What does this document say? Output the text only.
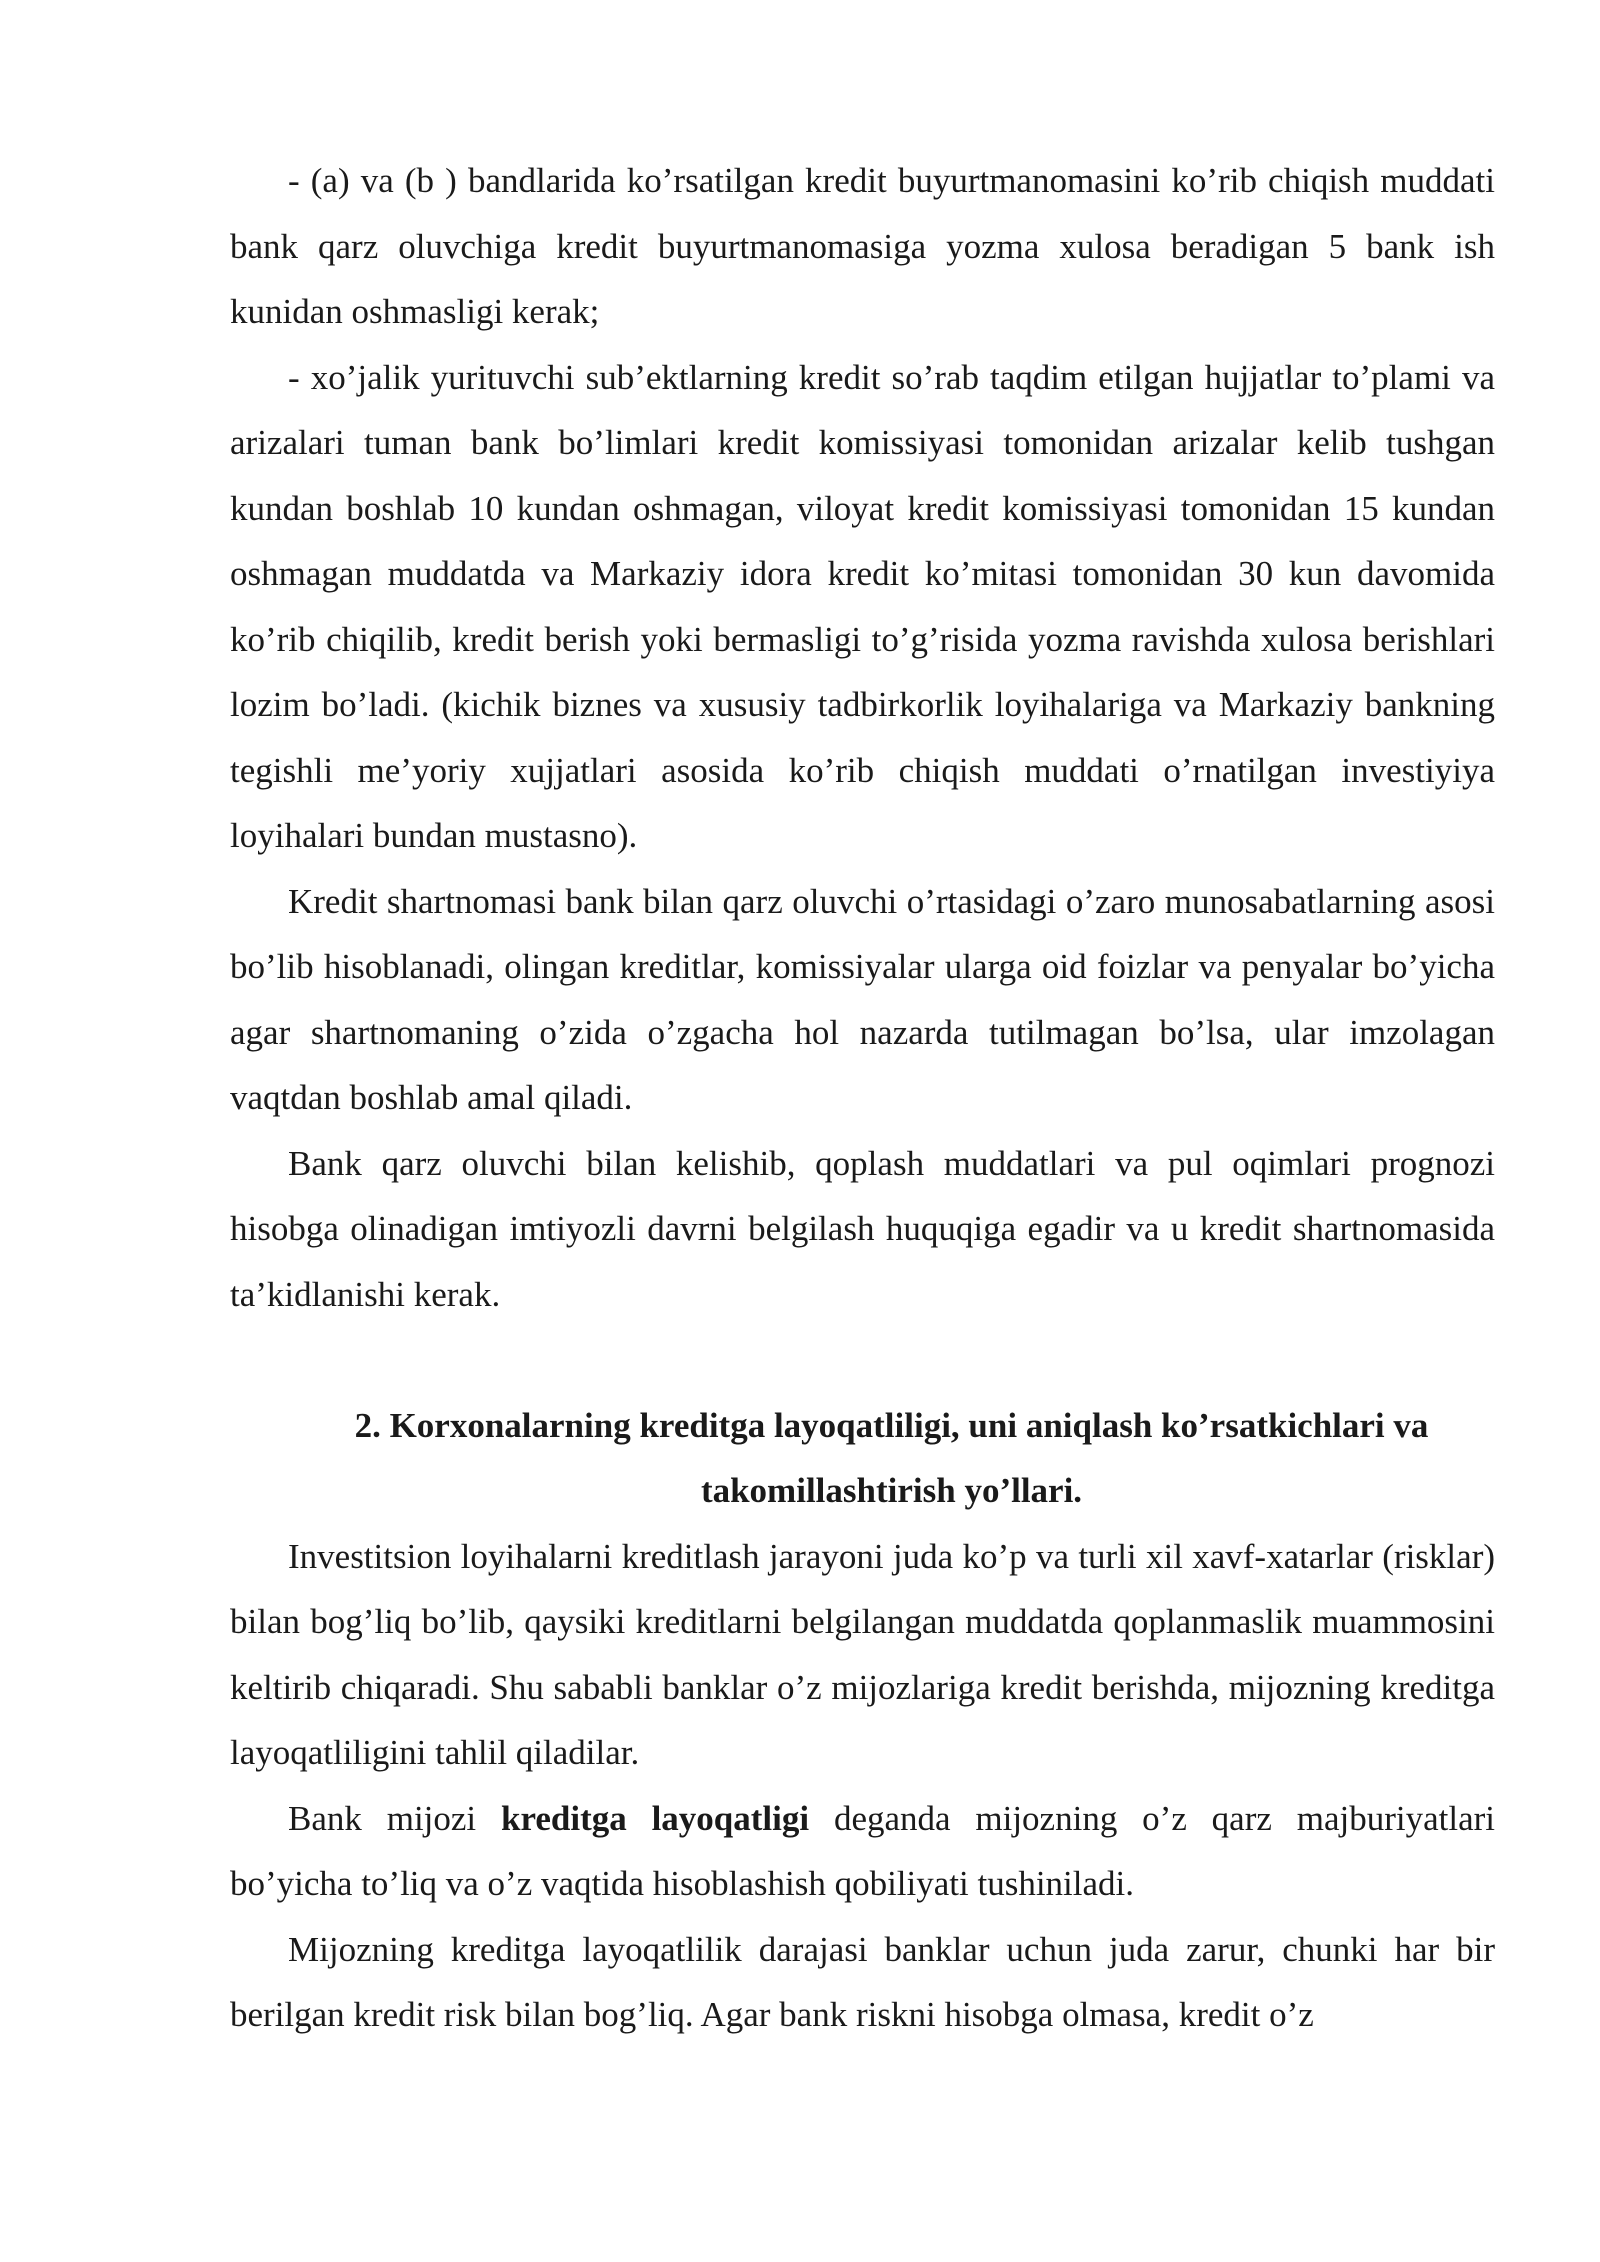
- (a) va (b ) bandlarida ko’rsatilgan kredit buyurtmanomasini ko’rib chiqish muddati bank qarz oluvchiga kredit buyurtmanomasiga yozma xulosa beradigan 5 bank ish kunidan oshmasligi kerak;

- xo’jalik yurituvchi sub’ektlarning kredit so’rab taqdim etilgan hujjatlar to’plami va arizalari tuman bank bo’limlari kredit komissiyasi tomonidan arizalar kelib tushgan kundan boshlab 10 kundan oshmagan, viloyat kredit komissiyasi tomonidan 15 kundan oshmagan muddatda va Markaziy idora kredit ko’mitasi tomonidan 30 kun davomida ko’rib chiqilib, kredit berish yoki bermasligi to’g’risida yozma ravishda xulosa berishlari lozim bo’ladi. (kichik biznes va xususiy tadbirkorlik loyihalariga va Markaziy bankning tegishli me’yoriy xujjatlari asosida ko’rib chiqish muddati o’rnatilgan investiyiya loyihalari bundan mustasno).

Kredit shartnomasi bank bilan qarz oluvchi o’rtasidagi o’zaro munosabatlarning asosi bo’lib hisoblanadi, olingan kreditlar, komissiyalar ularga oid foizlar va penyalar bo’yicha agar shartnomaning o’zida o’zgacha hol nazarda tutilmagan bo’lsa, ular imzolagan vaqtdan boshlab amal qiladi.

Bank qarz oluvchi bilan kelishib, qoplash muddatlari va pul oqimlari prognozi hisobga olinadigan imtiyozli davrni belgilash huquqiga egadir va u kredit shartnomasida ta’kidlanishi kerak.

2. Korxonalarning kreditga layoqatliligi, uni aniqlash ko’rsatkichlari va

takomillashtirish yo’llari.

Investitsion loyihalarni kreditlash jarayoni juda ko’p va turli xil xavf-xatarlar (risklar) bilan bog’liq bo’lib, qaysiki kreditlarni belgilangan muddatda qoplanmaslik muammosini keltirib chiqaradi. Shu sababli banklar o’z mijozlariga kredit berishda, mijozning kreditga layoqatliligini tahlil qiladilar.

Bank mijozi kreditga layoqatligi deganda mijozning o’z qarz majburiyatlari bo’yicha to’liq va o’z vaqtida hisoblashish qobiliyati tushiniladi.

Mijozning kreditga layoqatlilik darajasi banklar uchun juda zarur, chunki har bir berilgan kredit risk bilan bog’liq. Agar bank riskni hisobga olmasa, kredit o’z
